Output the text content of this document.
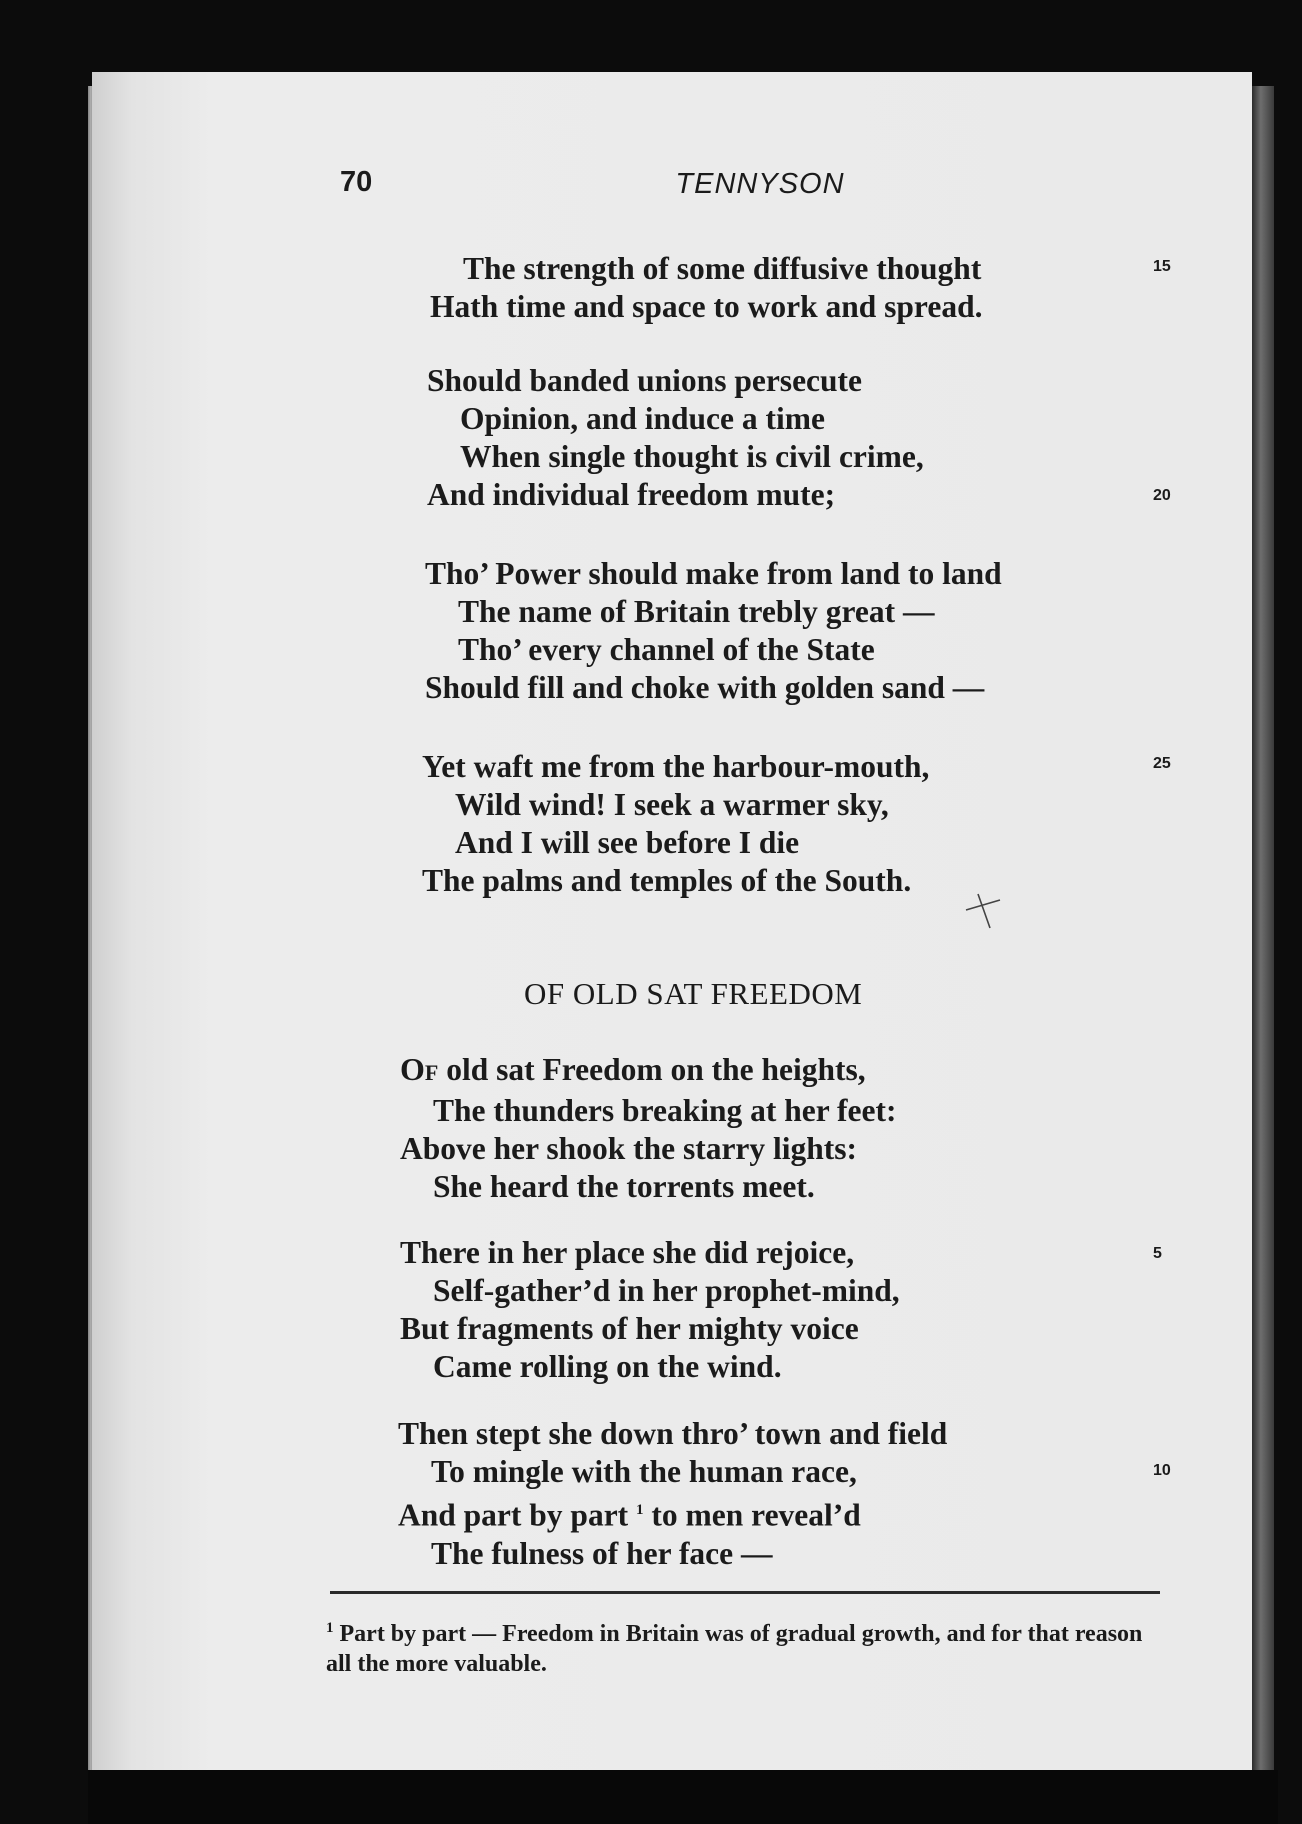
70	TENNYSON
The strength of some diffusive thought
Hath time and space to work and spread.
15
Should banded unions persecute
Opinion, and induce a time
When single thought is civil crime,
And individual freedom mute;	20
Tho’ Power should make from land to land
The name of Britain trebly great —
Tho’ every channel of the State
Should fill and choke with golden sand —
Yet waft me from the harbour-mouth,
Wild wind! I seek a warmer sky,
And I will see before I die
The palms and temples of the South.
25
OF OLD SAT FREEDOM
OF old sat Freedom on the heights,
The thunders breaking at her feet:
Above her shook the starry lights:
She heard the torrents meet.
There in her place she did rejoice,
Self-gather’d in her prophet-mind,
But fragments of her mighty voice
Came rolling on the wind.
5
Then stept she down thro’ town and field
To mingle with the human race,
And part by part $^1$ to men reveal’d
The fulness of her face —
10
$^1$ Part by part — Freedom in Britain was of gradual growth, and for that reason all the more valuable.
